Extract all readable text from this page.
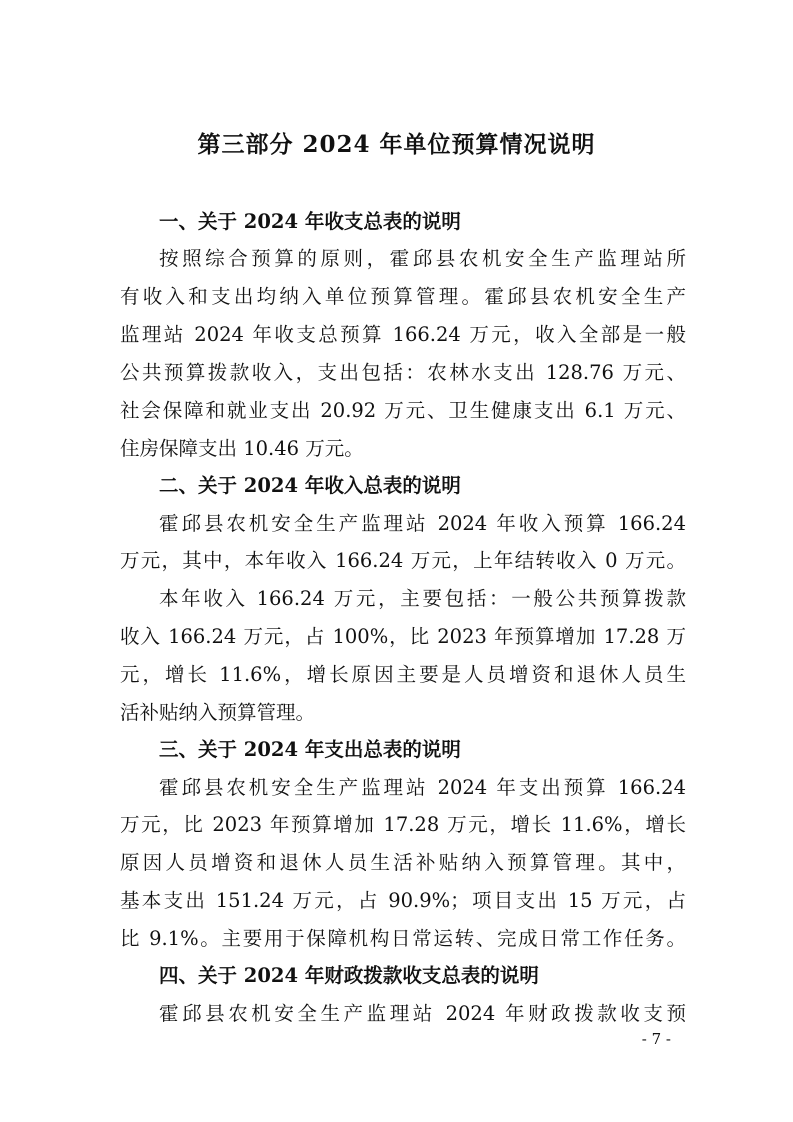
第三部分 2024 年单位预算情况说明
一、关于 2024 年收支总表的说明
按照综合预算的原则，霍邱县农机安全生产监理站所
有收入和支出均纳入单位预算管理。霍邱县农机安全生产
监理站 2024 年收支总预算 166.24 万元，收入全部是一般
公共预算拨款收入，支出包括：农林水支出 128.76 万元、
社会保障和就业支出 20.92 万元、卫生健康支出 6.1 万元、
住房保障支出 10.46 万元。
二、关于 2024 年收入总表的说明
霍邱县农机安全生产监理站 2024 年收入预算 166.24
万元，其中，本年收入 166.24 万元，上年结转收入 0 万元。
本年收入 166.24 万元，主要包括：一般公共预算拨款
收入 166.24 万元，占 100%，比 2023 年预算增加 17.28 万
元，增长 11.6%，增长原因主要是人员增资和退休人员生
活补贴纳入预算管理。
三、关于 2024 年支出总表的说明
霍邱县农机安全生产监理站 2024 年支出预算 166.24
万元，比 2023 年预算增加 17.28 万元，增长 11.6%，增长
原因人员增资和退休人员生活补贴纳入预算管理。其中，
基本支出 151.24 万元，占 90.9%；项目支出 15 万元，占
比 9.1%。主要用于保障机构日常运转、完成日常工作任务。
四、关于 2024 年财政拨款收支总表的说明
霍邱县农机安全生产监理站 2024 年财政拨款收支预
- 7 -
